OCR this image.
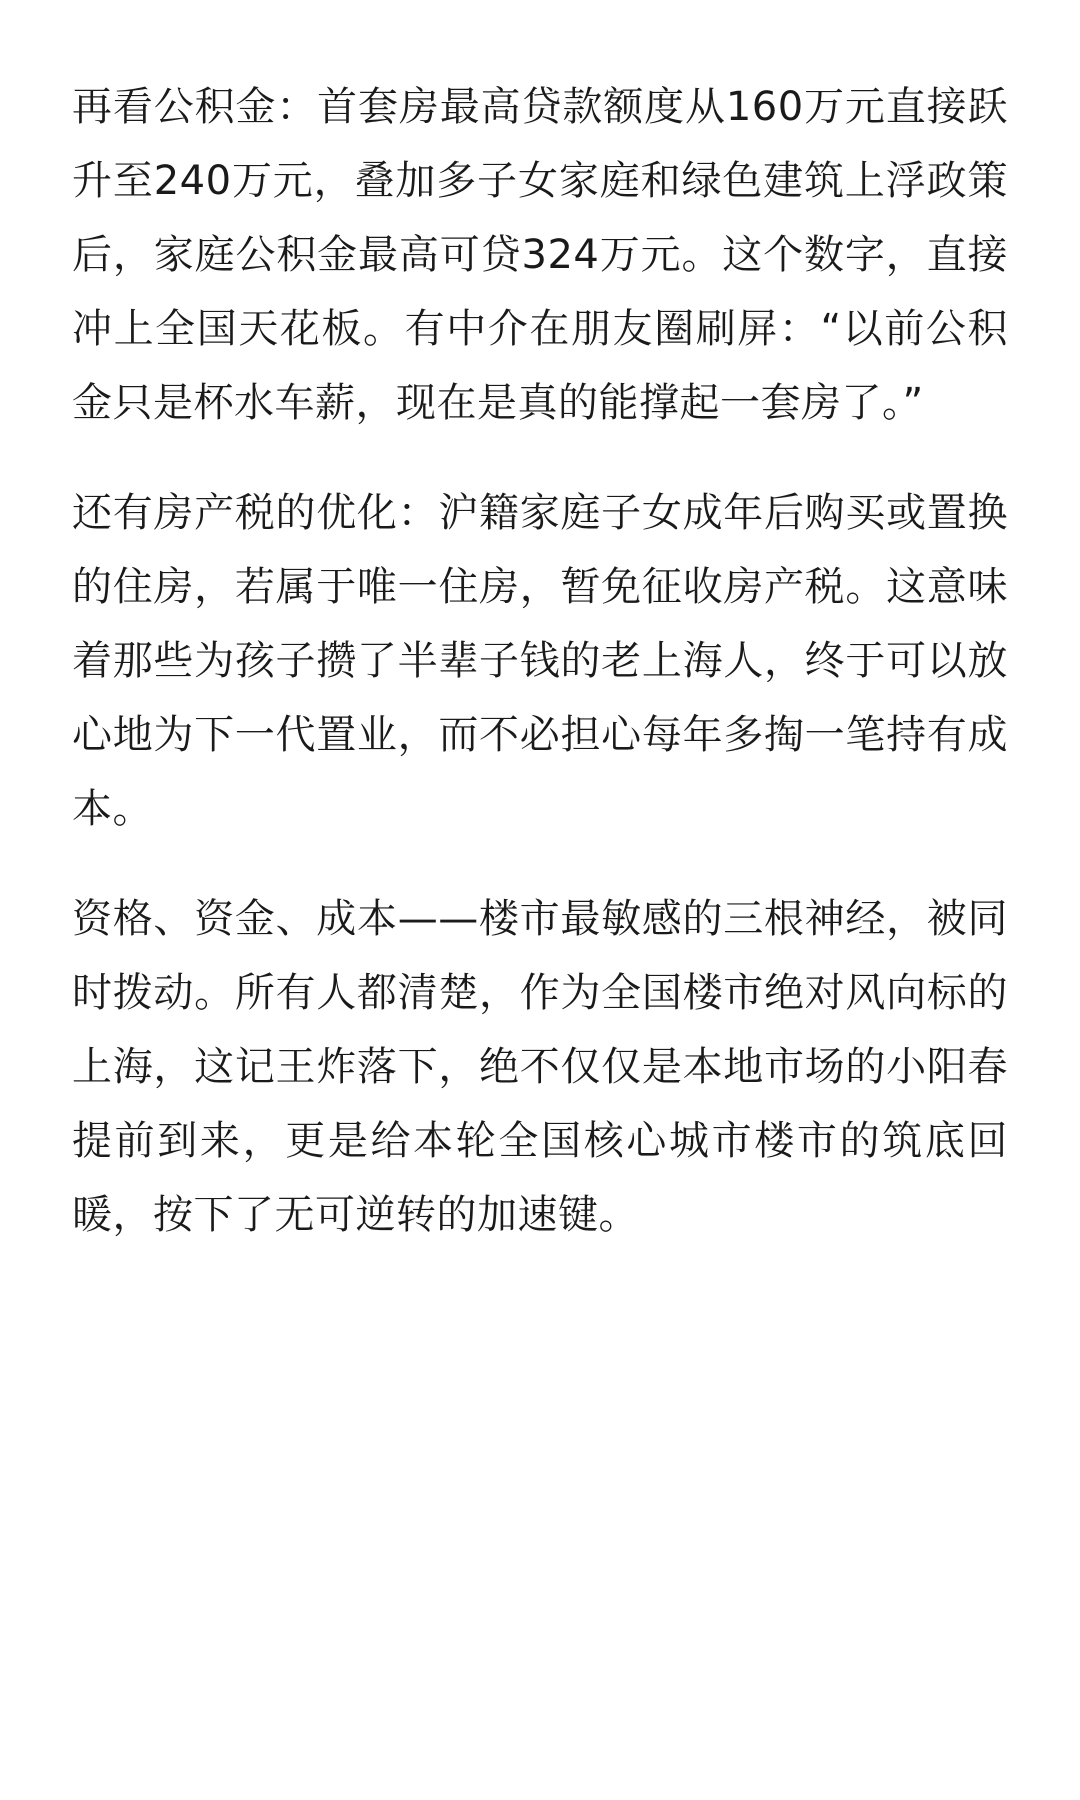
再看公积金：首套房最高贷款额度从160万元直接跃升至240万元，叠加多子女家庭和绿色建筑上浮政策后，家庭公积金最高可贷324万元。这个数字，直接冲上全国天花板。有中介在朋友圈刷屏：“以前公积金只是杯水车薪，现在是真的能撑起一套房了。”

还有房产税的优化：沪籍家庭子女成年后购买或置换的住房，若属于唯一住房，暂免征收房产税。这意味着那些为孩子攒了半辈子钱的老上海人，终于可以放心地为下一代置业，而不必担心每年多掏一笔持有成本。

资格、资金、成本——楼市最敏感的三根神经，被同时拨动。所有人都清楚，作为全国楼市绝对风向标的上海，这记王炸落下，绝不仅仅是本地市场的小阳春提前到来，更是给本轮全国核心城市楼市的筑底回暖，按下了无可逆转的加速键。
